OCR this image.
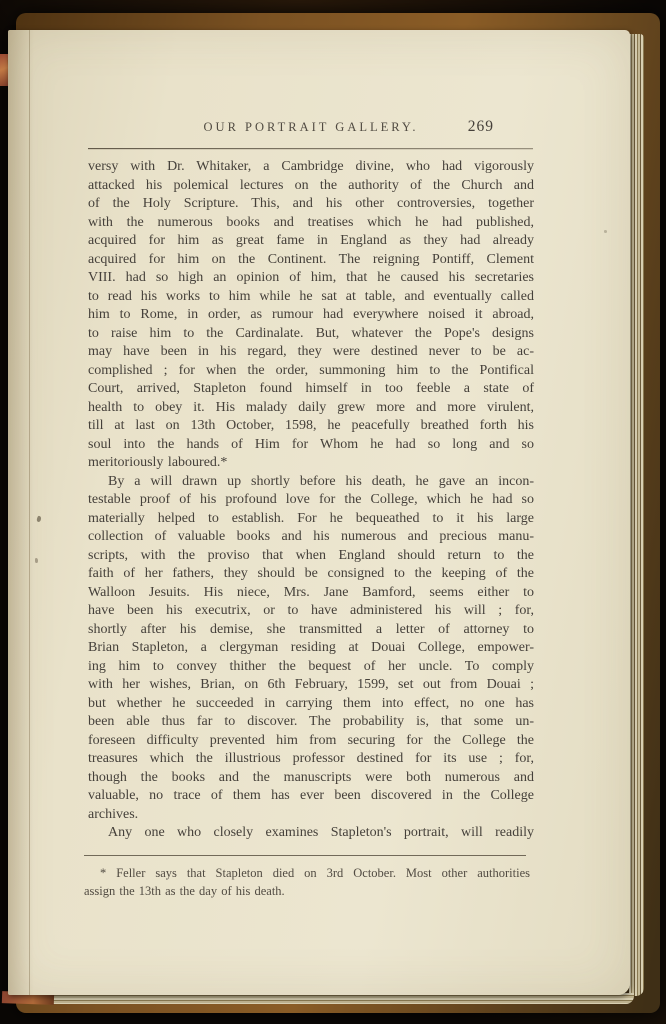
OUR PORTRAIT GALLERY.	269
versy with Dr. Whitaker, a Cambridge divine, who had vigorously
attacked his polemical lectures on the authority of the Church and
of the Holy Scripture. This, and his other controversies, together
with the numerous books and treatises which he had published,
acquired for him as great fame in England as they had already
acquired for him on the Continent. The reigning Pontiff, Clement
VIII. had so high an opinion of him, that he caused his secretaries
to read his works to him while he sat at table, and eventually called
him to Rome, in order, as rumour had everywhere noised it abroad,
to raise him to the Cardinalate. But, whatever the Pope's designs
may have been in his regard, they were destined never to be ac-
complished ; for when the order, summoning him to the Pontifical
Court, arrived, Stapleton found himself in too feeble a state of
health to obey it. His malady daily grew more and more virulent,
till at last on 13th October, 1598, he peacefully breathed forth his
soul into the hands of Him for Whom he had so long and so
meritoriously laboured.*
By a will drawn up shortly before his death, he gave an incon-
testable proof of his profound love for the College, which he had so
materially helped to establish. For he bequeathed to it his large
collection of valuable books and his numerous and precious manu-
scripts, with the proviso that when England should return to the
faith of her fathers, they should be consigned to the keeping of the
Walloon Jesuits. His niece, Mrs. Jane Bamford, seems either to
have been his executrix, or to have administered his will ; for,
shortly after his demise, she transmitted a letter of attorney to
Brian Stapleton, a clergyman residing at Douai College, empower-
ing him to convey thither the bequest of her uncle. To comply
with her wishes, Brian, on 6th February, 1599, set out from Douai ;
but whether he succeeded in carrying them into effect, no one has
been able thus far to discover. The probability is, that some un-
foreseen difficulty prevented him from securing for the College the
treasures which the illustrious professor destined for its use ; for,
though the books and the manuscripts were both numerous and
valuable, no trace of them has ever been discovered in the College
archives.
Any one who closely examines Stapleton's portrait, will readily
* Feller says that Stapleton died on 3rd October. Most other authorities
assign the 13th as the day of his death.
